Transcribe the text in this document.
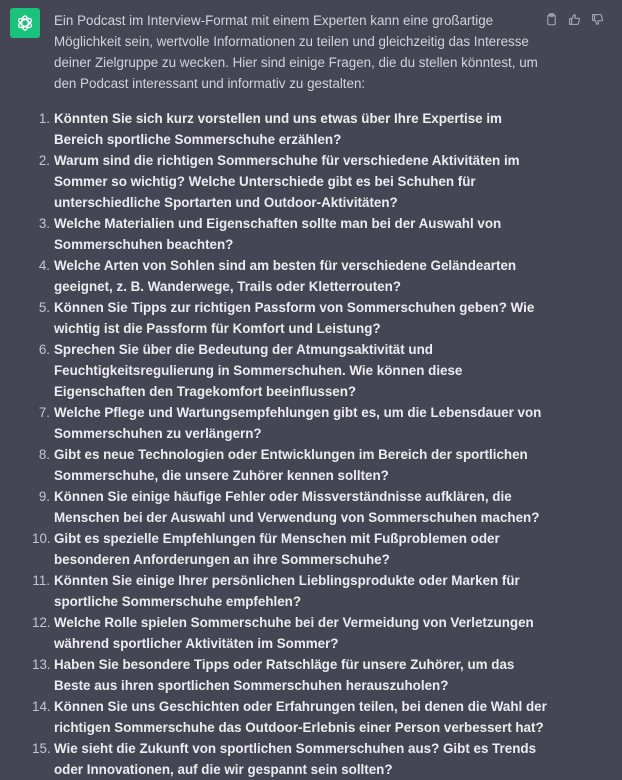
Ein Podcast im Interview-Format mit einem Experten kann eine großartige Möglichkeit sein, wertvolle Informationen zu teilen und gleichzeitig das Interesse deiner Zielgruppe zu wecken. Hier sind einige Fragen, die du stellen könntest, um den Podcast interessant und informativ zu gestalten:

1. Könnten Sie sich kurz vorstellen und uns etwas über Ihre Expertise im Bereich sportliche Sommerschuhe erzählen?
2. Warum sind die richtigen Sommerschuhe für verschiedene Aktivitäten im Sommer so wichtig? Welche Unterschiede gibt es bei Schuhen für unterschiedliche Sportarten und Outdoor-Aktivitäten?
3. Welche Materialien und Eigenschaften sollte man bei der Auswahl von Sommerschuhen beachten?
4. Welche Arten von Sohlen sind am besten für verschiedene Geländearten geeignet, z. B. Wanderwege, Trails oder Kletterrouten?
5. Können Sie Tipps zur richtigen Passform von Sommerschuhen geben? Wie wichtig ist die Passform für Komfort und Leistung?
6. Sprechen Sie über die Bedeutung der Atmungsaktivität und Feuchtigkeitsregulierung in Sommerschuhen. Wie können diese Eigenschaften den Tragekomfort beeinflussen?
7. Welche Pflege und Wartungsempfehlungen gibt es, um die Lebensdauer von Sommerschuhen zu verlängern?
8. Gibt es neue Technologien oder Entwicklungen im Bereich der sportlichen Sommerschuhe, die unsere Zuhörer kennen sollten?
9. Können Sie einige häufige Fehler oder Missverständnisse aufklären, die Menschen bei der Auswahl und Verwendung von Sommerschuhen machen?
10. Gibt es spezielle Empfehlungen für Menschen mit Fußproblemen oder besonderen Anforderungen an ihre Sommerschuhe?
11. Könnten Sie einige Ihrer persönlichen Lieblingsprodukte oder Marken für sportliche Sommerschuhe empfehlen?
12. Welche Rolle spielen Sommerschuhe bei der Vermeidung von Verletzungen während sportlicher Aktivitäten im Sommer?
13. Haben Sie besondere Tipps oder Ratschläge für unsere Zuhörer, um das Beste aus ihren sportlichen Sommerschuhen herauszuholen?
14. Können Sie uns Geschichten oder Erfahrungen teilen, bei denen die Wahl der richtigen Sommerschuhe das Outdoor-Erlebnis einer Person verbessert hat?
15. Wie sieht die Zukunft von sportlichen Sommerschuhen aus? Gibt es Trends oder Innovationen, auf die wir gespannt sein sollten?
